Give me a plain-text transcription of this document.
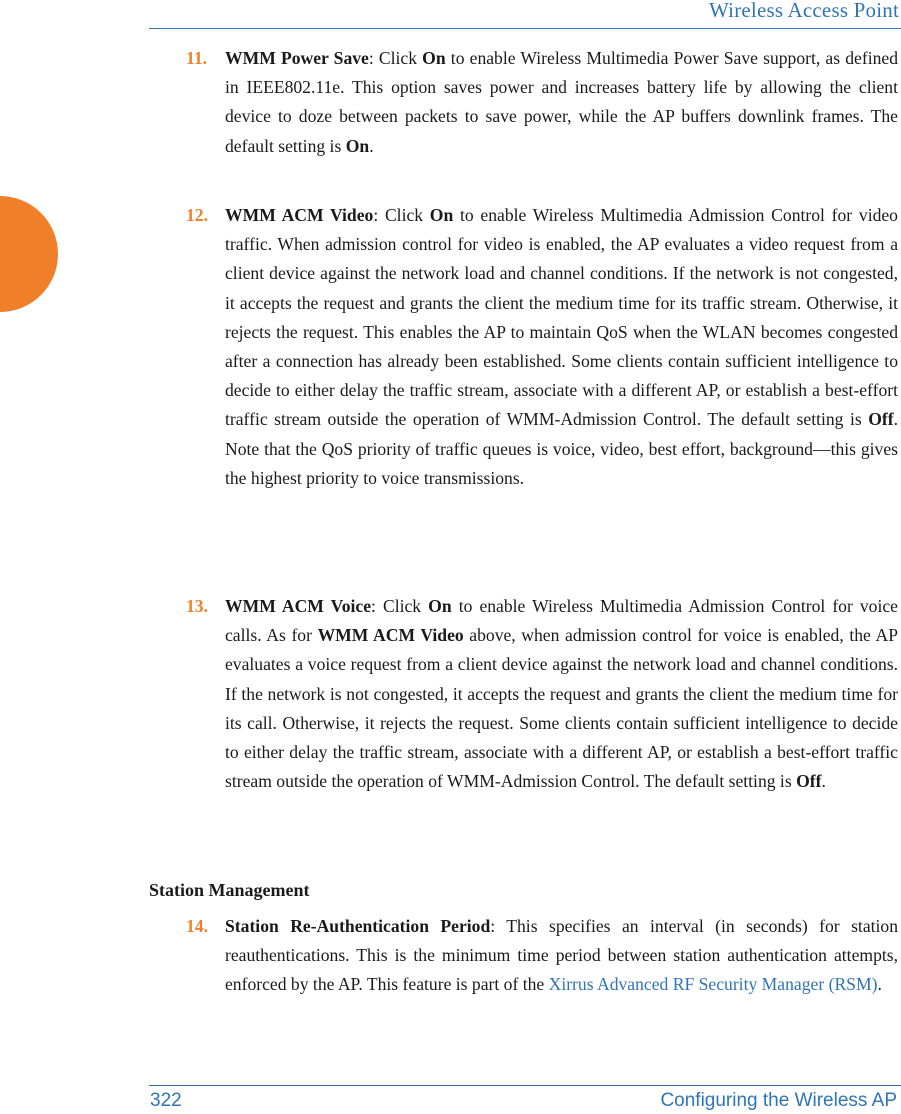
Wireless Access Point
11.	WMM Power Save: Click On to enable Wireless Multimedia Power Save support, as defined in IEEE802.11e. This option saves power and increases battery life by allowing the client device to doze between packets to save power, while the AP buffers downlink frames. The default setting is On.
12. WMM ACM Video: Click On to enable Wireless Multimedia Admission Control for video traffic. When admission control for video is enabled, the AP evaluates a video request from a client device against the network load and channel conditions. If the network is not congested, it accepts the request and grants the client the medium time for its traffic stream. Otherwise, it rejects the request. This enables the AP to maintain QoS when the WLAN becomes congested after a connection has already been established. Some clients contain sufficient intelligence to decide to either delay the traffic stream, associate with a different AP, or establish a best-effort traffic stream outside the operation of WMM-Admission Control. The default setting is Off. Note that the QoS priority of traffic queues is voice, video, best effort, background—this gives the highest priority to voice transmissions.
13. WMM ACM Voice: Click On to enable Wireless Multimedia Admission Control for voice calls. As for WMM ACM Video above, when admission control for voice is enabled, the AP evaluates a voice request from a client device against the network load and channel conditions. If the network is not congested, it accepts the request and grants the client the medium time for its call. Otherwise, it rejects the request. Some clients contain sufficient intelligence to decide to either delay the traffic stream, associate with a different AP, or establish a best-effort traffic stream outside the operation of WMM-Admission Control. The default setting is Off.
Station Management
14. Station Re-Authentication Period: This specifies an interval (in seconds) for station reauthentications. This is the minimum time period between station authentication attempts, enforced by the AP. This feature is part of the Xirrus Advanced RF Security Manager (RSM).
322	Configuring the Wireless AP
